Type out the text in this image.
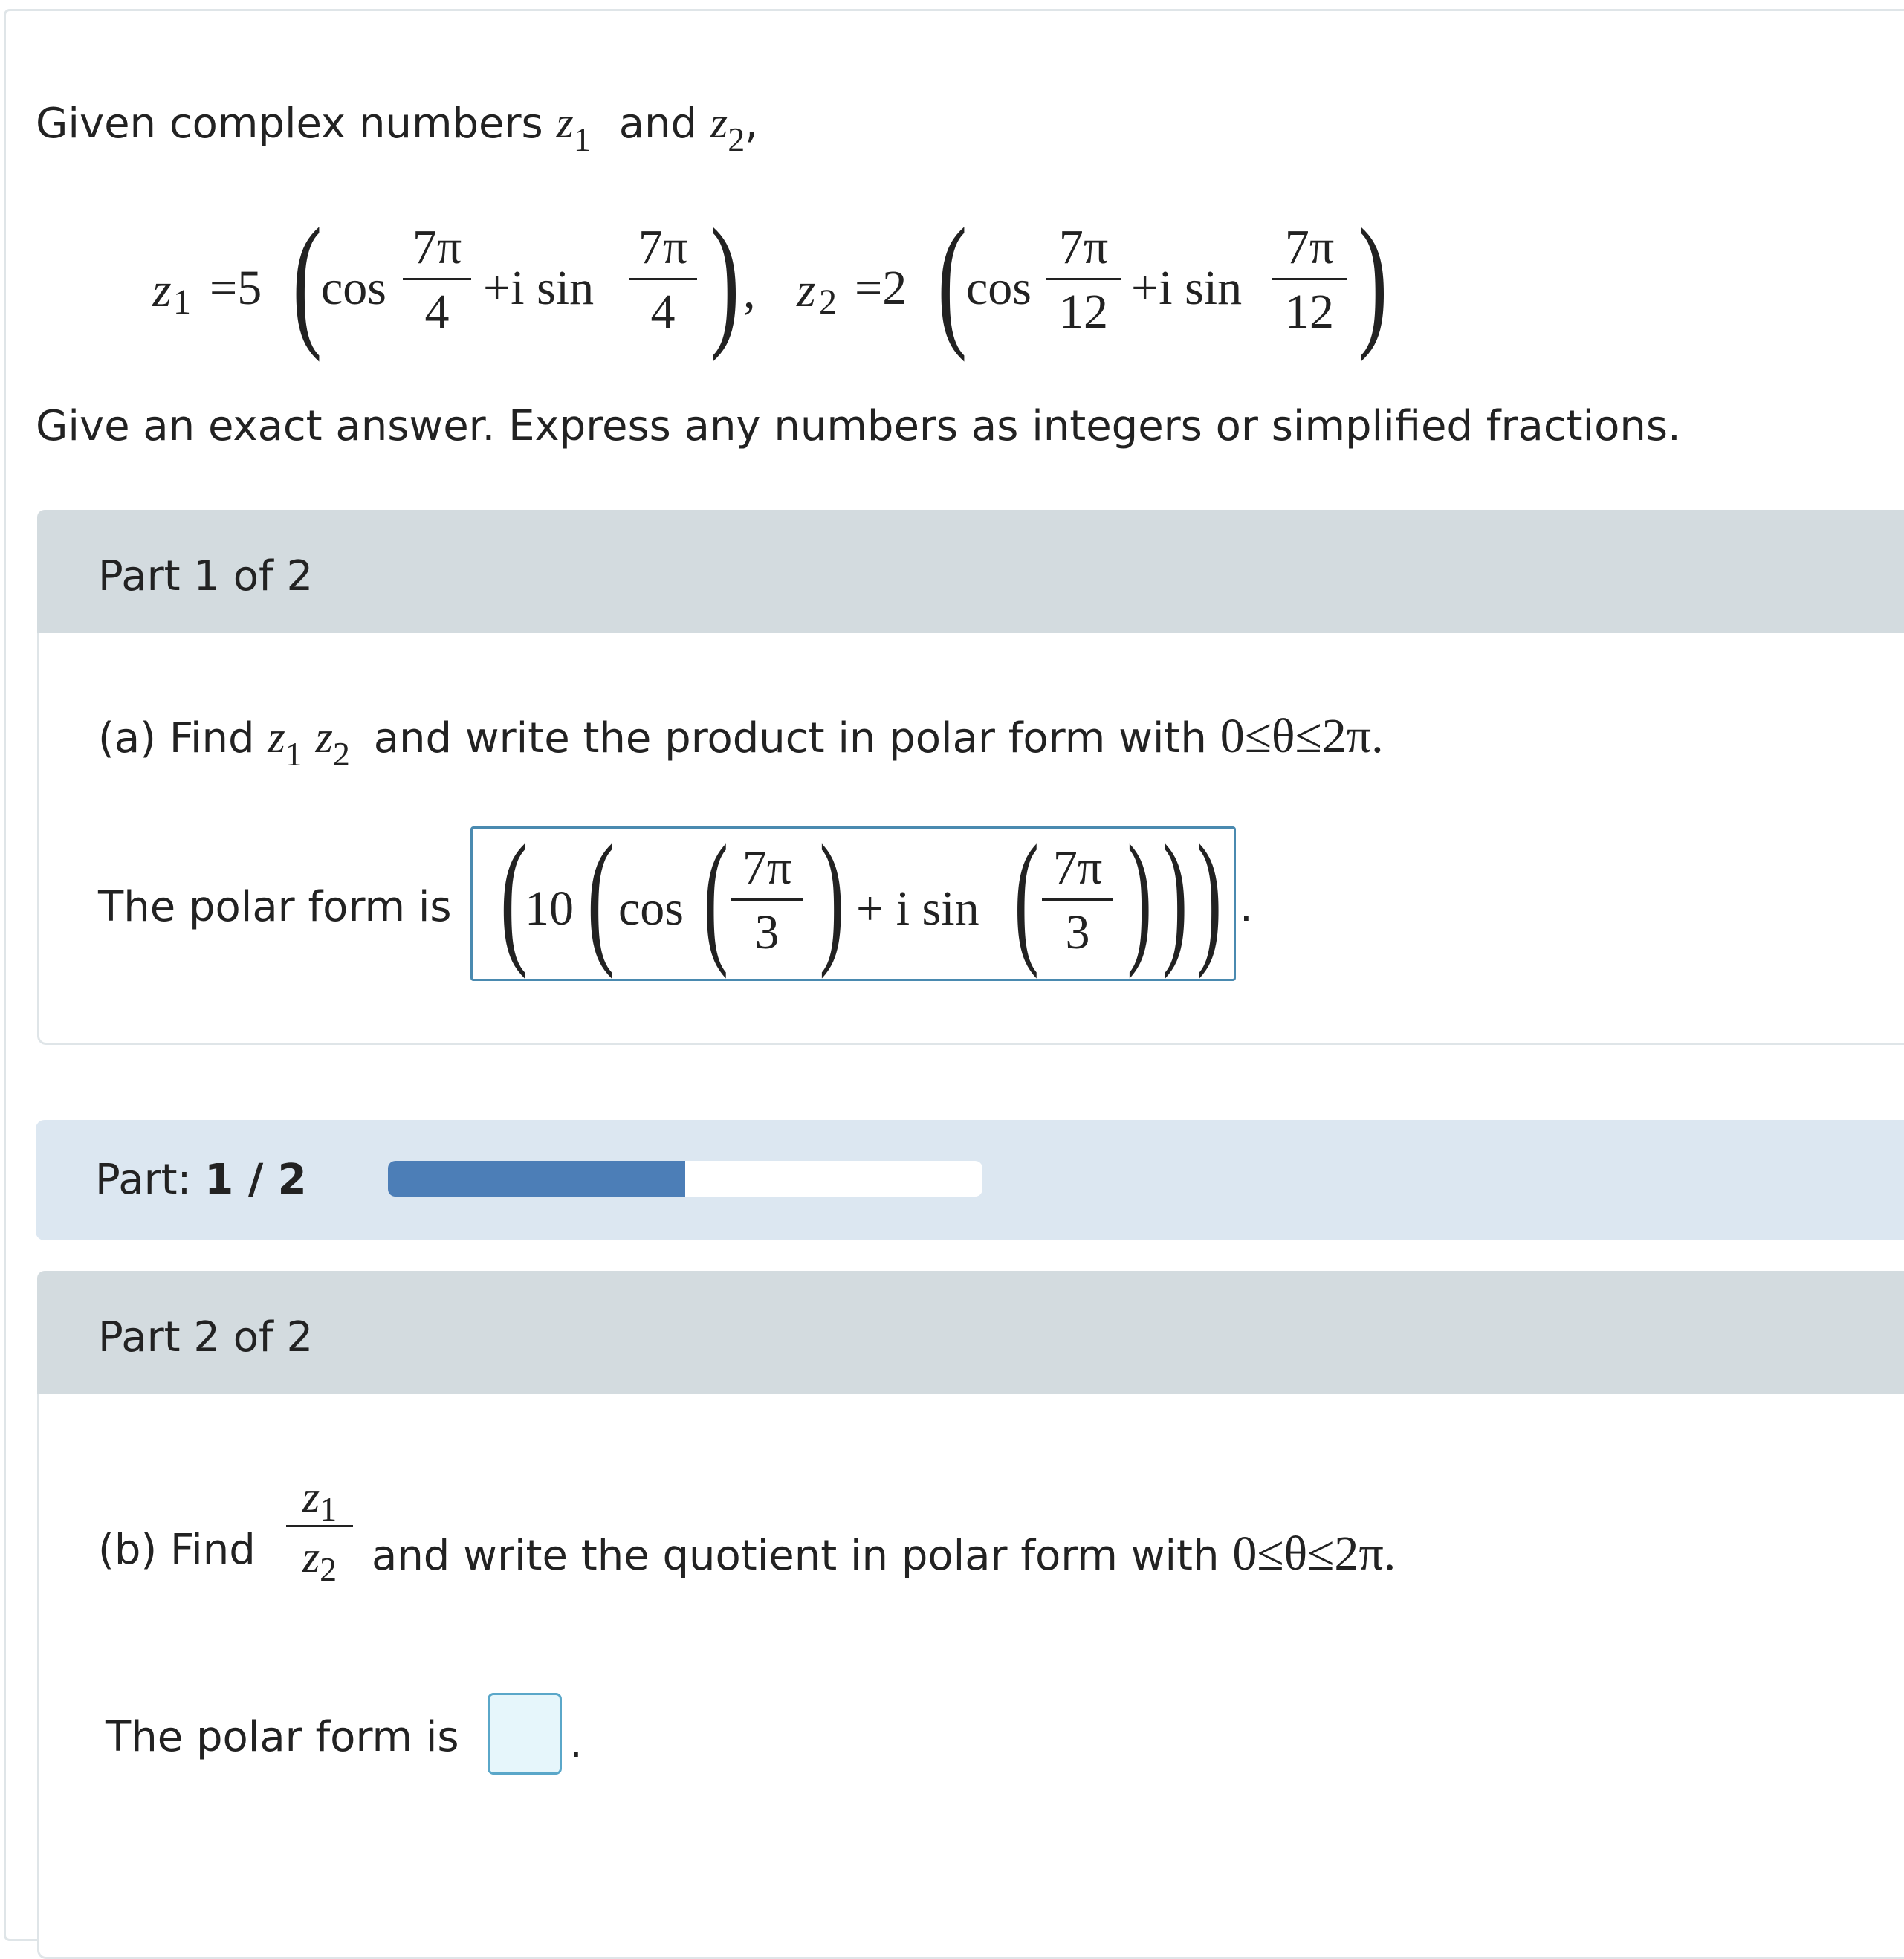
Given complex numbers $z_1$ and $z_2$,
z 1 =5 (
cos
7π
4 +i sin
7π
4 ) , z 2 =2 (
cos
7π
12 +i sin
7π
12 )
Give an exact answer. Express any numbers as integers or simplified fractions.
Part 1 of 2
(a) Find $z_1$ $z_2$ and write the product in polar form with 0≤θ≤2π.
The polar form is (
10 ( cos ( 7π
3 ) + i sin ( 7π
3 ) ) ) .
Part: 1 / 2
Part 2 of 2
(b) Find
$z_1$
$z_2$ and write the quotient in polar form with 0≤θ≤2π.
The polar form is	.
